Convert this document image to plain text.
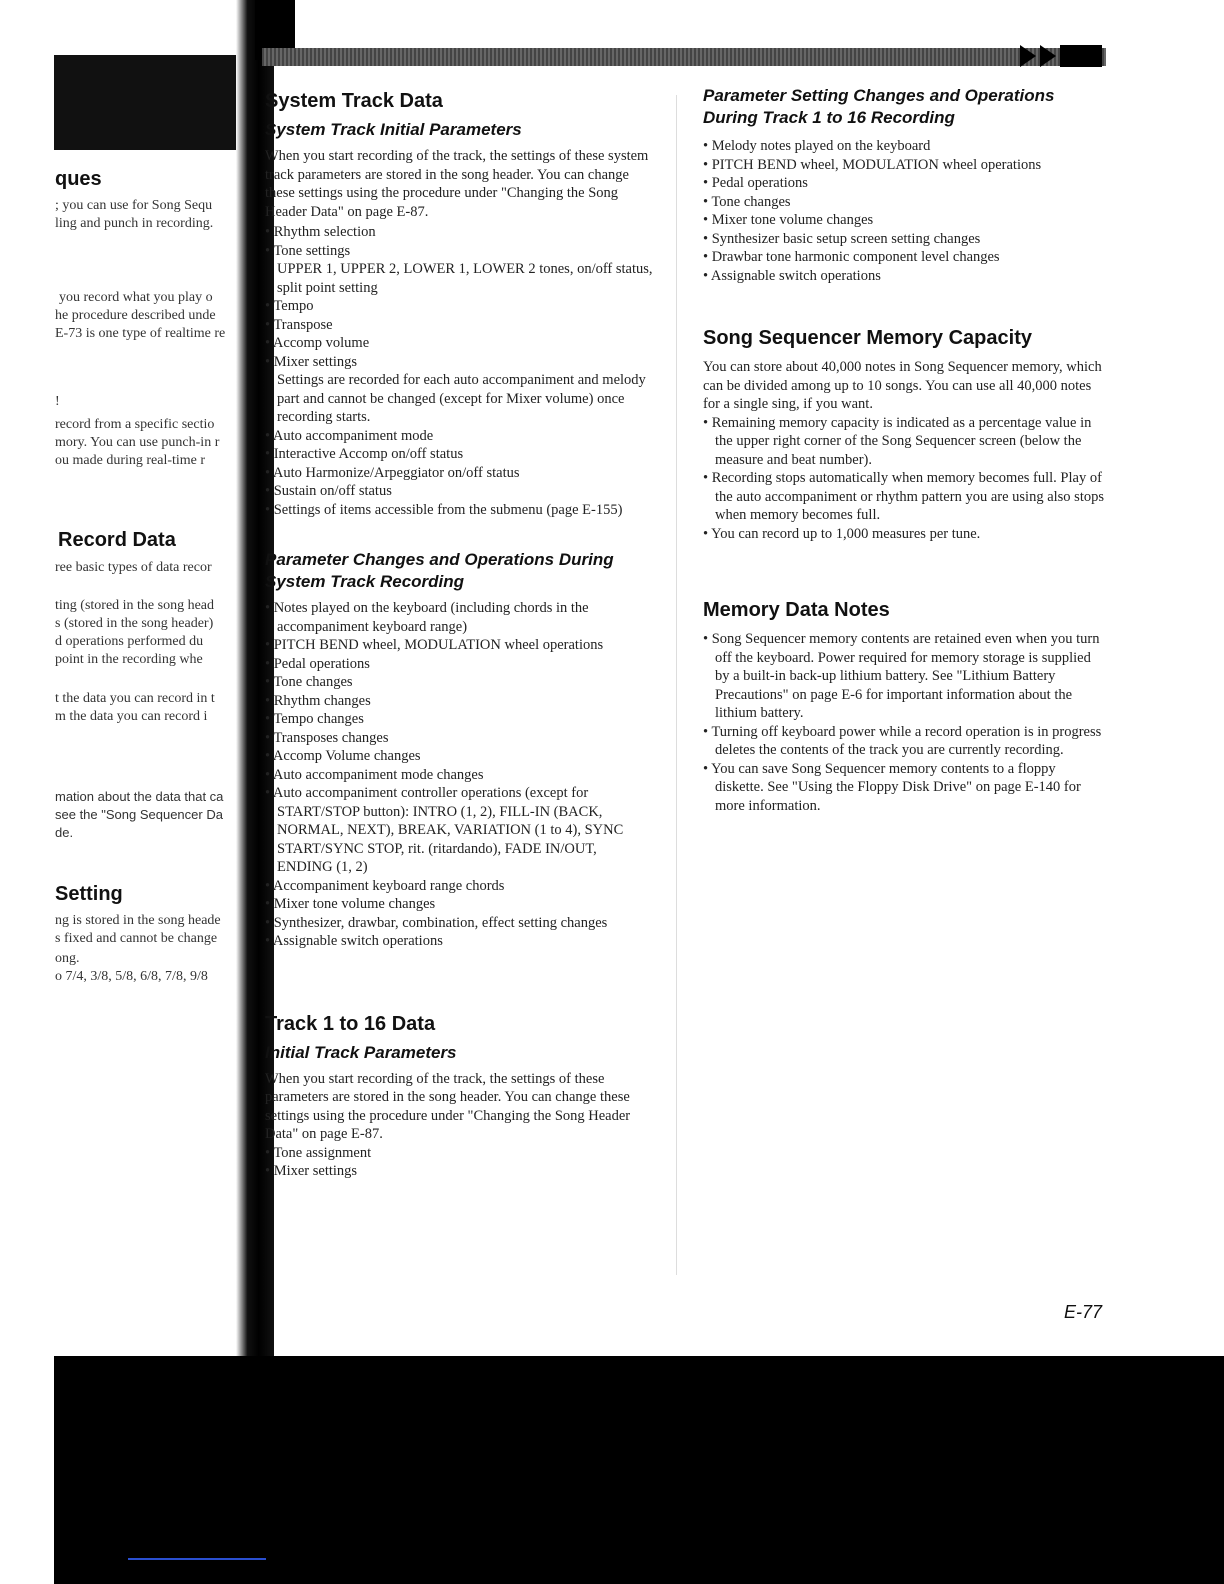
ques
; you can use for Song Sequ
ling and punch in recording.
you record what you play o
he procedure described unde
E-73 is one type of realtime re
!
record from a specific sectio
mory. You can use punch-in r
ou made during real-time r
Record Data
ree basic types of data recor
ting (stored in the song head
s (stored in the song header)
d operations performed du
point in the recording whe
t the data you can record in t
m the data you can record i
mation about the data that ca
see the "Song Sequencer Da
de.
Setting
ng is stored in the song heade
s fixed and cannot be change
ong.
o 7/4, 3/8, 5/8, 6/8, 7/8, 9/8
System Track Data
System Track Initial Parameters

When you start recording of the track, the settings of these system track parameters are stored in the song header. You can change these settings using the procedure under "Changing the Song Header Data" on page E-87.

• Rhythm selection
• Tone settings
UPPER 1, UPPER 2, LOWER 1, LOWER 2 tones, on/off status, split point setting
• Tempo
• Transpose
• Accomp volume
• Mixer settings
Settings are recorded for each auto accompaniment and melody part and cannot be changed (except for Mixer volume) once recording starts.
• Auto accompaniment mode
• Interactive Accomp on/off status
• Auto Harmonize/Arpeggiator on/off status
• Sustain on/off status
• Settings of items accessible from the submenu (page E-155)
Parameter Changes and Operations During System Track Recording
• Notes played on the keyboard (including chords in the accompaniment keyboard range)
• PITCH BEND wheel, MODULATION wheel operations
• Pedal operations
• Tone changes
• Rhythm changes
• Tempo changes
• Transposes changes
• Accomp Volume changes
• Auto accompaniment mode changes
• Auto accompaniment controller operations (except for START/STOP button): INTRO (1, 2), FILL-IN (BACK, NORMAL, NEXT), BREAK, VARIATION (1 to 4), SYNC START/SYNC STOP, rit. (ritardando), FADE IN/OUT, ENDING (1, 2)
• Accompaniment keyboard range chords
• Mixer tone volume changes
• Synthesizer, drawbar, combination, effect setting changes
• Assignable switch operations
Track 1 to 16 Data
Initial Track Parameters

When you start recording of the track, the settings of these parameters are stored in the song header. You can change these settings using the procedure under "Changing the Song Header Data" on page E-87.

• Tone assignment
• Mixer settings
Parameter Setting Changes and Operations During Track 1 to 16 Recording
• Melody notes played on the keyboard
• PITCH BEND wheel, MODULATION wheel operations
• Pedal operations
• Tone changes
• Mixer tone volume changes
• Synthesizer basic setup screen setting changes
• Drawbar tone harmonic component level changes
• Assignable switch operations
Song Sequencer Memory Capacity

You can store about 40,000 notes in Song Sequencer memory, which can be divided among up to 10 songs. You can use all 40,000 notes for a single sing, if you want.

• Remaining memory capacity is indicated as a percentage value in the upper right corner of the Song Sequencer screen (below the measure and beat number).
• Recording stops automatically when memory becomes full. Play of the auto accompaniment or rhythm pattern you are using also stops when memory becomes full.
• You can record up to 1,000 measures per tune.
Memory Data Notes
• Song Sequencer memory contents are retained even when you turn off the keyboard. Power required for memory storage is supplied by a built-in back-up lithium battery. See "Lithium Battery Precautions" on page E-6 for important information about the lithium battery.
• Turning off keyboard power while a record operation is in progress deletes the contents of the track you are currently recording.
• You can save Song Sequencer memory contents to a floppy diskette. See "Using the Floppy Disk Drive" on page E-140 for more information.
E-77
